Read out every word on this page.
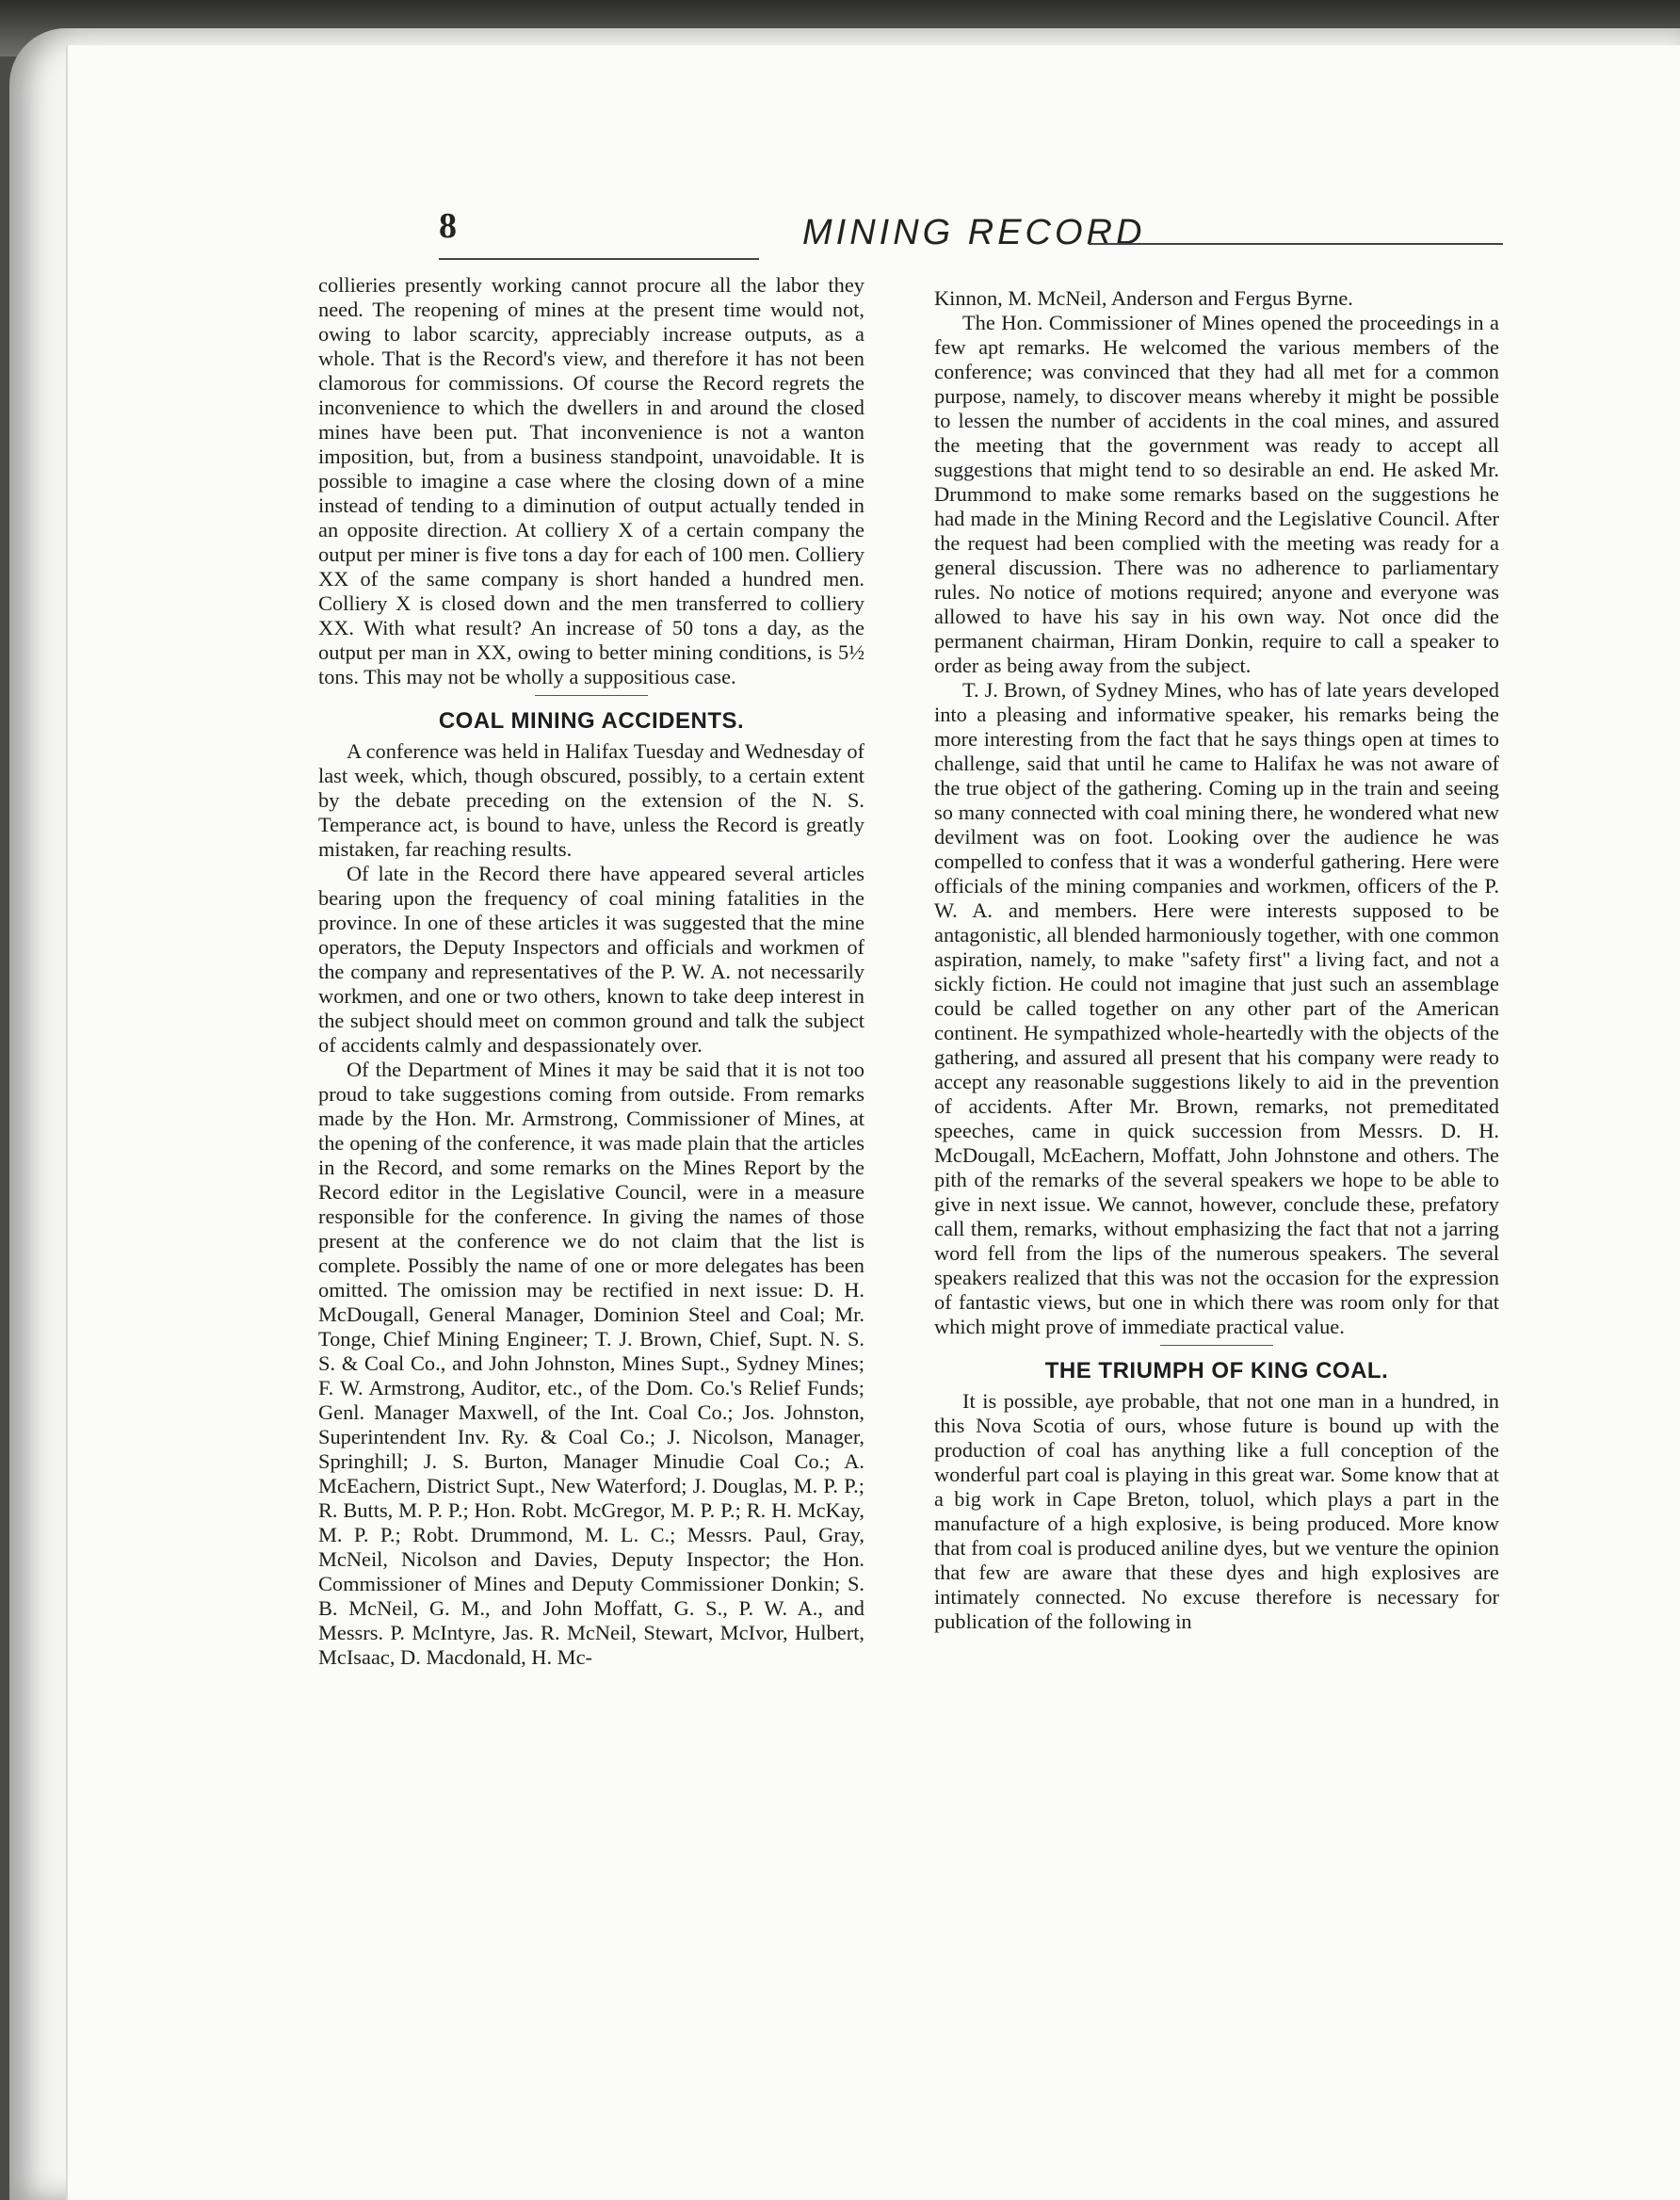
8	MINING RECORD

collieries presently working cannot procure all the labor they need. The reopening of mines at the present time would not, owing to labor scarcity, appreciably increase outputs, as a whole. That is the Record's view, and therefore it has not been clamorous for commissions. Of course the Record regrets the inconvenience to which the dwellers in and around the closed mines have been put. That inconvenience is not a wanton imposition, but, from a business standpoint, unavoidable. It is possible to imagine a case where the closing down of a mine instead of tending to a diminution of output actually tended in an opposite direction. At colliery X of a certain company the output per miner is five tons a day for each of 100 men. Colliery XX of the same company is short handed a hundred men. Colliery X is closed down and the men transferred to colliery XX. With what result? An increase of 50 tons a day, as the output per man in XX, owing to better mining conditions, is 5½ tons. This may not be wholly a suppositious case.

COAL MINING ACCIDENTS.

A conference was held in Halifax Tuesday and Wednesday of last week, which, though obscured, possibly, to a certain extent by the debate preceding on the extension of the N. S. Temperance act, is bound to have, unless the Record is greatly mistaken, far reaching results.

Of late in the Record there have appeared several articles bearing upon the frequency of coal mining fatalities in the province. In one of these articles it was suggested that the mine operators, the Deputy Inspectors and officials and workmen of the company and representatives of the P. W. A. not necessarily workmen, and one or two others, known to take deep interest in the subject should meet on common ground and talk the subject of accidents calmly and despassionately over.

Of the Department of Mines it may be said that it is not too proud to take suggestions coming from outside. From remarks made by the Hon. Mr. Armstrong, Commissioner of Mines, at the opening of the conference, it was made plain that the articles in the Record, and some remarks on the Mines Report by the Record editor in the Legislative Council, were in a measure responsible for the conference. In giving the names of those present at the conference we do not claim that the list is complete. Possibly the name of one or more delegates has been omitted. The omission may be rectified in next issue: D. H. McDougall, General Manager, Dominion Steel and Coal; Mr. Tonge, Chief Mining Engineer; T. J. Brown, Chief, Supt. N. S. S. & Coal Co., and John Johnston, Mines Supt., Sydney Mines; F. W. Armstrong, Auditor, etc., of the Dom. Co.'s Relief Funds; Genl. Manager Maxwell, of the Int. Coal Co.; Jos. Johnston, Superintendent Inv. Ry. & Coal Co.; J. Nicolson, Manager, Springhill; J. S. Burton, Manager Minudie Coal Co.; A. McEachern, District Supt., New Waterford; J. Douglas, M. P. P.; R. Butts, M. P. P.; Hon. Robt. McGregor, M. P. P.; R. H. McKay, M. P. P.; Robt. Drummond, M. L. C.; Messrs. Paul, Gray, McNeil, Nicolson and Davies, Deputy Inspector; the Hon. Commissioner of Mines and Deputy Commissioner Donkin; S. B. McNeil, G. M., and John Moffatt, G. S., P. W. A., and Messrs. P. McIntyre, Jas. R. McNeil, Stewart, McIvor, Hulbert, McIsaac, D. Macdonald, H. Mc-

Kinnon, M. McNeil, Anderson and Fergus Byrne.

The Hon. Commissioner of Mines opened the proceedings in a few apt remarks. He welcomed the various members of the conference; was convinced that they had all met for a common purpose, namely, to discover means whereby it might be possible to lessen the number of accidents in the coal mines, and assured the meeting that the government was ready to accept all suggestions that might tend to so desirable an end. He asked Mr. Drummond to make some remarks based on the suggestions he had made in the Mining Record and the Legislative Council. After the request had been complied with the meeting was ready for a general discussion. There was no adherence to parliamentary rules. No notice of motions required; anyone and everyone was allowed to have his say in his own way. Not once did the permanent chairman, Hiram Donkin, require to call a speaker to order as being away from the subject.

T. J. Brown, of Sydney Mines, who has of late years developed into a pleasing and informative speaker, his remarks being the more interesting from the fact that he says things open at times to challenge, said that until he came to Halifax he was not aware of the true object of the gathering. Coming up in the train and seeing so many connected with coal mining there, he wondered what new devilment was on foot. Looking over the audience he was compelled to confess that it was a wonderful gathering. Here were officials of the mining companies and workmen, officers of the P. W. A. and members. Here were interests supposed to be antagonistic, all blended harmoniously together, with one common aspiration, namely, to make "safety first" a living fact, and not a sickly fiction. He could not imagine that just such an assemblage could be called together on any other part of the American continent. He sympathized whole-heartedly with the objects of the gathering, and assured all present that his company were ready to accept any reasonable suggestions likely to aid in the prevention of accidents. After Mr. Brown, remarks, not premeditated speeches, came in quick succession from Messrs. D. H. McDougall, McEachern, Moffatt, John Johnstone and others. The pith of the remarks of the several speakers we hope to be able to give in next issue. We cannot, however, conclude these, prefatory call them, remarks, without emphasizing the fact that not a jarring word fell from the lips of the numerous speakers. The several speakers realized that this was not the occasion for the expression of fantastic views, but one in which there was room only for that which might prove of immediate practical value.

THE TRIUMPH OF KING COAL.

It is possible, aye probable, that not one man in a hundred, in this Nova Scotia of ours, whose future is bound up with the production of coal has anything like a full conception of the wonderful part coal is playing in this great war. Some know that at a big work in Cape Breton, toluol, which plays a part in the manufacture of a high explosive, is being produced. More know that from coal is produced aniline dyes, but we venture the opinion that few are aware that these dyes and high explosives are intimately connected. No excuse therefore is necessary for publication of the following in
